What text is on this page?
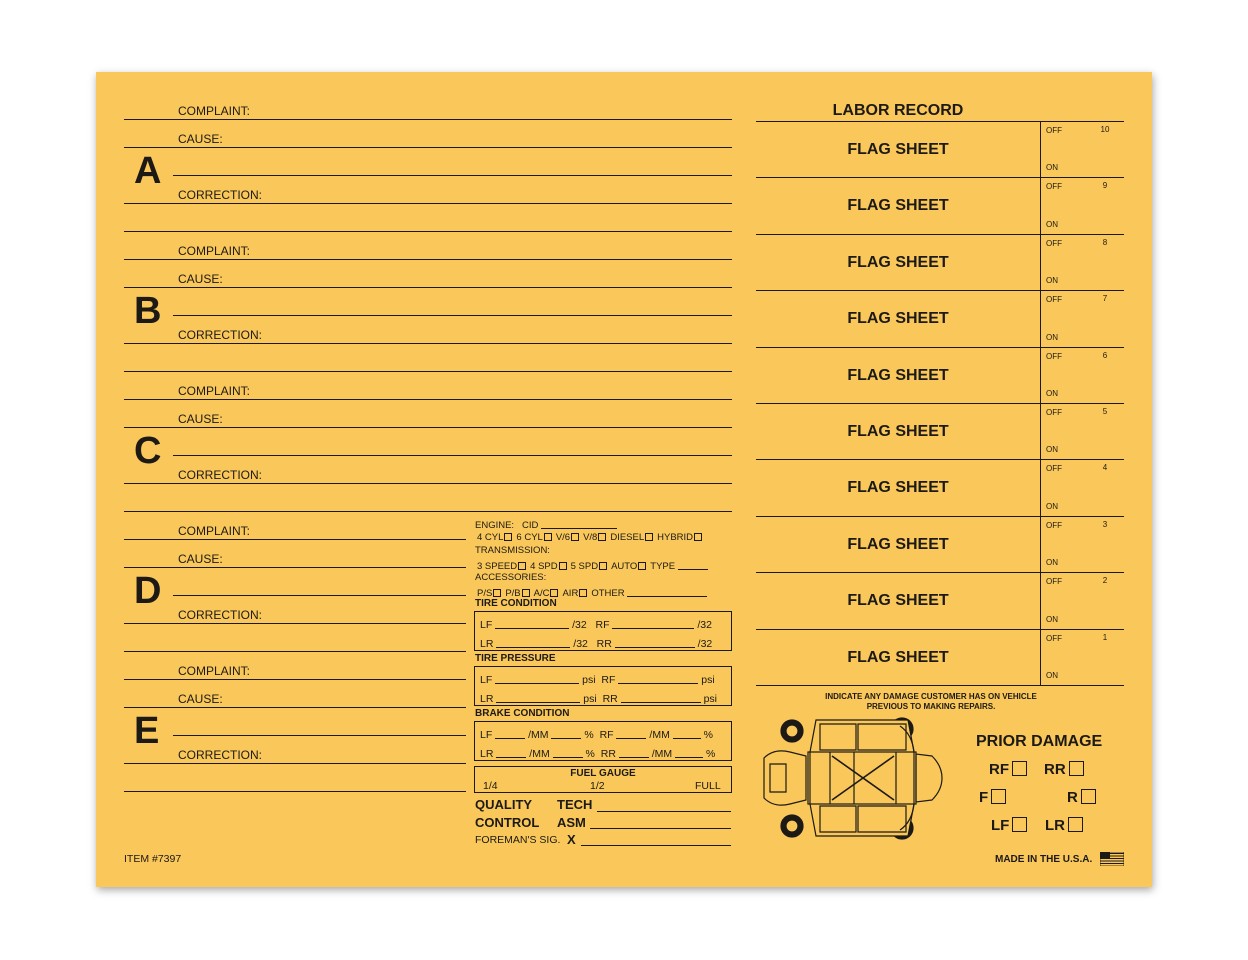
COMPLAINT:
CAUSE:
CORRECTION:
A
COMPLAINT:
CAUSE:
CORRECTION:
B
COMPLAINT:
CAUSE:
CORRECTION:
C
COMPLAINT:
CAUSE:
CORRECTION:
D
COMPLAINT:
CAUSE:
CORRECTION:
E
ENGINE: CID
4 CYL 6 CYL V/6 V/8 DIESEL HYBRID
TRANSMISSION:
3 SPEED 4 SPD 5 SPD AUTO TYPE
ACCESSORIES:
P/S P/B A/C AIR OTHER
TIRE CONDITION
LF	/32 RF	/32
LR	/32 RR	/32
TIRE PRESSURE
LF	psi RF	psi
LR	psi RR	psi
BRAKE CONDITION
LF	/MM	% RF	/MM	%
LR	/MM	% RR	/MM	%
FUEL GAUGE
1/4	1/2	FULL
QUALITY
CONTROL
TECH
ASM
FOREMAN'S SIG. X
LABOR RECORD
FLAG SHEET
OFF
ON
10
FLAG SHEET
OFF
ON
9
FLAG SHEET
OFF
ON
8
FLAG SHEET
OFF
ON
7
FLAG SHEET
OFF
ON
6
FLAG SHEET
OFF
ON
5
FLAG SHEET
OFF
ON
4
FLAG SHEET
OFF
ON
3
FLAG SHEET
OFF
ON
2
FLAG SHEET
OFF
ON
1
INDICATE ANY DAMAGE CUSTOMER HAS ON VEHICLE
PREVIOUS TO MAKING REPAIRS.
PRIOR DAMAGE
RF	RR
F	R
LF	LR
ITEM #7397	MADE IN THE U.S.A.
